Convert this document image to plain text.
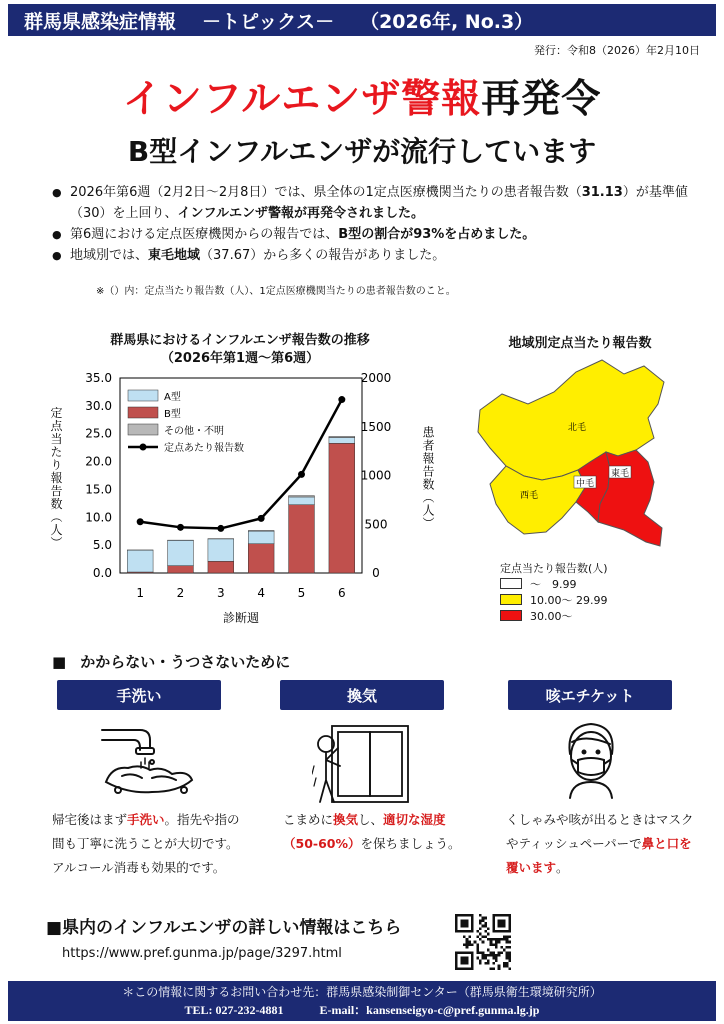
群馬県感染症情報 －トピックス－ （2026年, No.3）
発行：令和8（2026）年2月10日
インフルエンザ警報再発令
B型インフルエンザが流行しています
● 2026年第6週（2月2日～2月8日）では、県全体の1定点医療機関当たりの患者報告数（31.13）が基準値（30）を上回り、インフルエンザ警報が再発令されました。
● 第6週における定点医療機関からの報告では、B型の割合が93%を占めました。
● 地域別では、東毛地域（37.67）から多くの報告がありました。
※（）内：定点当たり報告数（人）、1定点医療機関当たりの患者報告数のこと。
群馬県におけるインフルエンザ報告数の推移
（2026年第1週～第6週）
0.0
5.0
10.0
15.0
20.0
25.0
30.0
35.0
0
500
1000
1500
2000
1	2	3	4	5	6
診断週
定点当たり報告数（人）	患者報告数（人）
A型
B型
その他・不明
定点あたり報告数
地域別定点当たり報告数
北毛
西毛
中毛
東毛
定点当たり報告数(人)
～　9.99
10.00～ 29.99
30.00～
■ かからない・うつさないために
手洗い	換気	咳エチケット
帰宅後はまず手洗い。指先や指の間も丁寧に洗うことが大切です。アルコール消毒も効果的です。
こまめに換気し、適切な湿度（50-60%）を保ちましょう。
くしゃみや咳が出るときはマスクやティッシュペーパーで鼻と口を覆います。
■県内のインフルエンザの詳しい情報はこちら
https://www.pref.gunma.jp/page/3297.html
＊この情報に関するお問い合わせ先：群馬県感染制御センター（群馬県衛生環境研究所）
TEL: 027-232-4881　　　E-mail：kansenseigyo-c@pref.gunma.lg.jp
